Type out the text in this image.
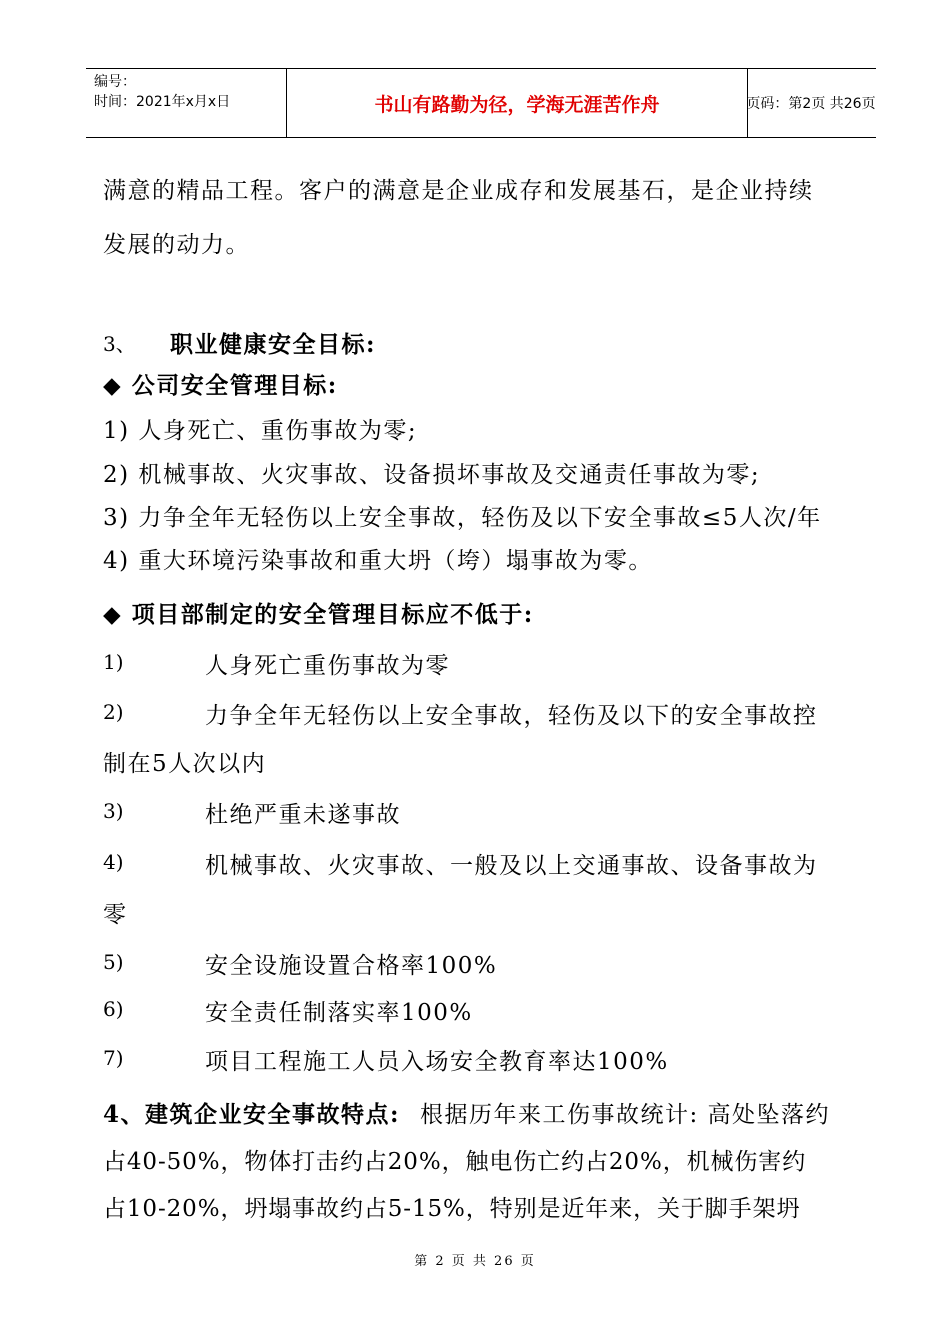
编号：
时间：2021年x月x日	书山有路勤为径，学海无涯苦作舟	页码：第2页 共26页
满意的精品工程。客户的满意是企业成存和发展基石，是企业持续
发展的动力。
3、 职业健康安全目标:
◆ 公司安全管理目标:
1) 人身死亡、重伤事故为零;
2) 机械事故、火灾事故、设备损坏事故及交通责任事故为零;
3) 力争全年无轻伤以上安全事故，轻伤及以下安全事故≤5人次/年
4) 重大环境污染事故和重大坍（垮）塌事故为零。
◆ 项目部制定的安全管理目标应不低于:
1)	人身死亡重伤事故为零
2)	力争全年无轻伤以上安全事故，轻伤及以下的安全事故控
制在5人次以内
3)	杜绝严重未遂事故
4)	机械事故、火灾事故、一般及以上交通事故、设备事故为
零
5)	安全设施设置合格率100%
6)	安全责任制落实率100%
7)	项目工程施工人员入场安全教育率达100%
4、建筑企业安全事故特点: 根据历年来工伤事故统计: 高处坠落约
占40-50%，物体打击约占20%，触电伤亡约占20%，机械伤害约
占10-20%，坍塌事故约占5-15%，特别是近年来，关于脚手架坍
第 2 页 共 26 页
